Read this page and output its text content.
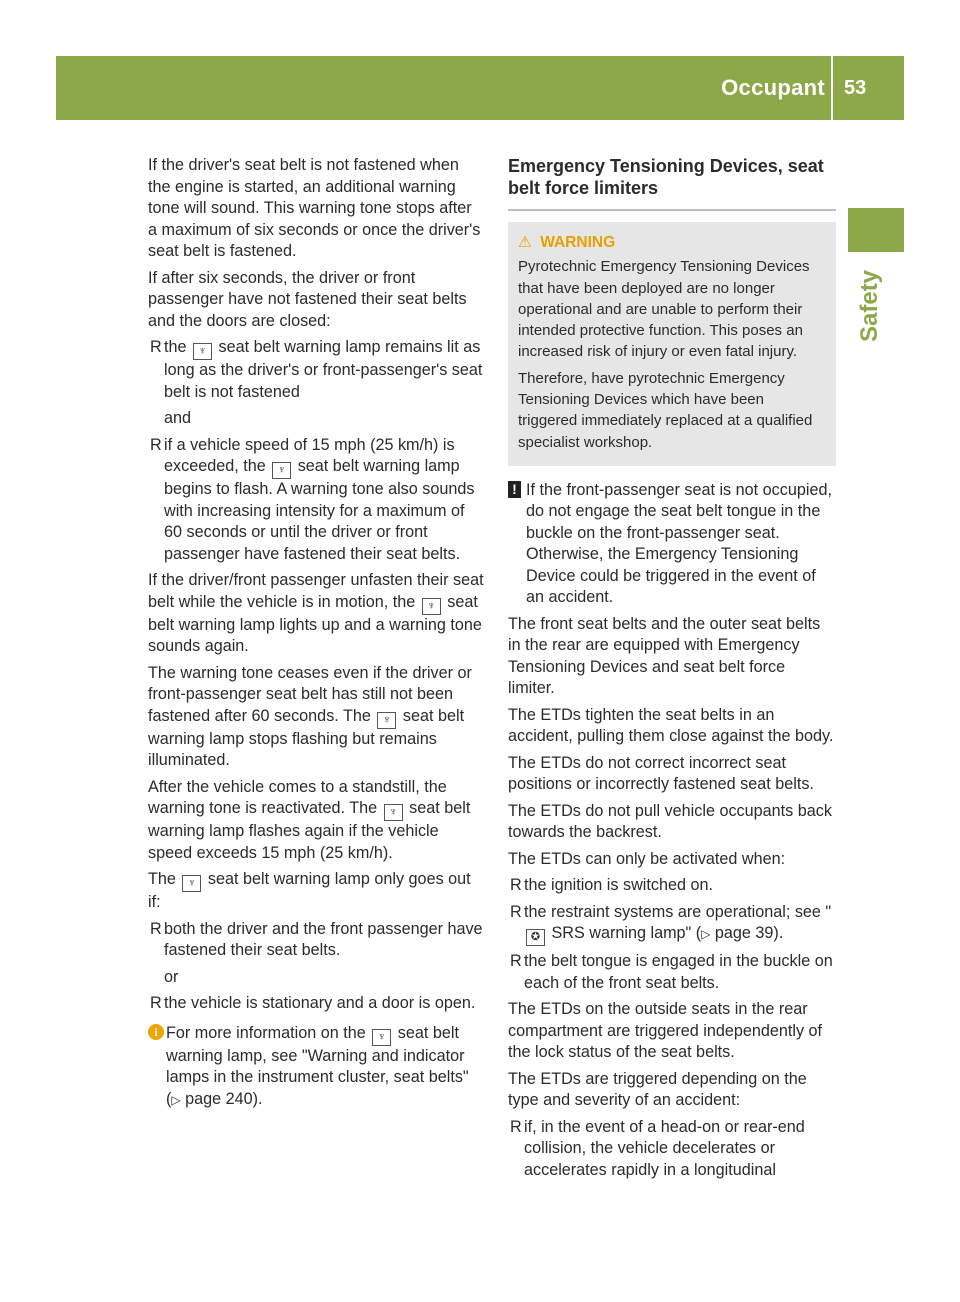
Occupant safety
53
Safety

If the driver's seat belt is not fastened when the engine is started, an additional warning tone will sound. This warning tone stops after a maximum of six seconds or once the driver's seat belt is fastened.

If after six seconds, the driver or front passenger have not fastened their seat belts and the doors are closed:

R the ♆ seat belt warning lamp remains lit as long as the driver's or front-passenger's seat belt is not fastened

and

R if a vehicle speed of 15 mph (25 km/h) is exceeded, the ♆ seat belt warning lamp begins to flash. A warning tone also sounds with increasing intensity for a maximum of 60 seconds or until the driver or front passenger have fastened their seat belts.

If the driver/front passenger unfasten their seat belt while the vehicle is in motion, the ♆ seat belt warning lamp lights up and a warning tone sounds again.

The warning tone ceases even if the driver or front-passenger seat belt has still not been fastened after 60 seconds. The ♆ seat belt warning lamp stops flashing but remains illuminated.

After the vehicle comes to a standstill, the warning tone is reactivated. The ♆ seat belt warning lamp flashes again if the vehicle speed exceeds 15 mph (25 km/h).

The ♆ seat belt warning lamp only goes out if:

R both the driver and the front passenger have fastened their seat belts.

or

R the vehicle is stationary and a door is open.
i For more information on the ♆ seat belt warning lamp, see "Warning and indicator lamps in the instrument cluster, seat belts" (▷ page 240).
Emergency Tensioning Devices, seat belt force limiters
⚠ WARNING

Pyrotechnic Emergency Tensioning Devices that have been deployed are no longer operational and are unable to perform their intended protective function. This poses an increased risk of injury or even fatal injury.

Therefore, have pyrotechnic Emergency Tensioning Devices which have been triggered immediately replaced at a qualified specialist workshop.

! If the front-passenger seat is not occupied, do not engage the seat belt tongue in the buckle on the front-passenger seat. Otherwise, the Emergency Tensioning Device could be triggered in the event of an accident.

The front seat belts and the outer seat belts in the rear are equipped with Emergency Tensioning Devices and seat belt force limiter.

The ETDs tighten the seat belts in an accident, pulling them close against the body.

The ETDs do not correct incorrect seat positions or incorrectly fastened seat belts.

The ETDs do not pull vehicle occupants back towards the backrest.

The ETDs can only be activated when:

R the ignition is switched on.
R the restraint systems are operational; see "✪ SRS warning lamp" (▷ page 39).
R the belt tongue is engaged in the buckle on each of the front seat belts.

The ETDs on the outside seats in the rear compartment are triggered independently of the lock status of the seat belts.

The ETDs are triggered depending on the type and severity of an accident:

R if, in the event of a head-on or rear-end collision, the vehicle decelerates or accelerates rapidly in a longitudinal
